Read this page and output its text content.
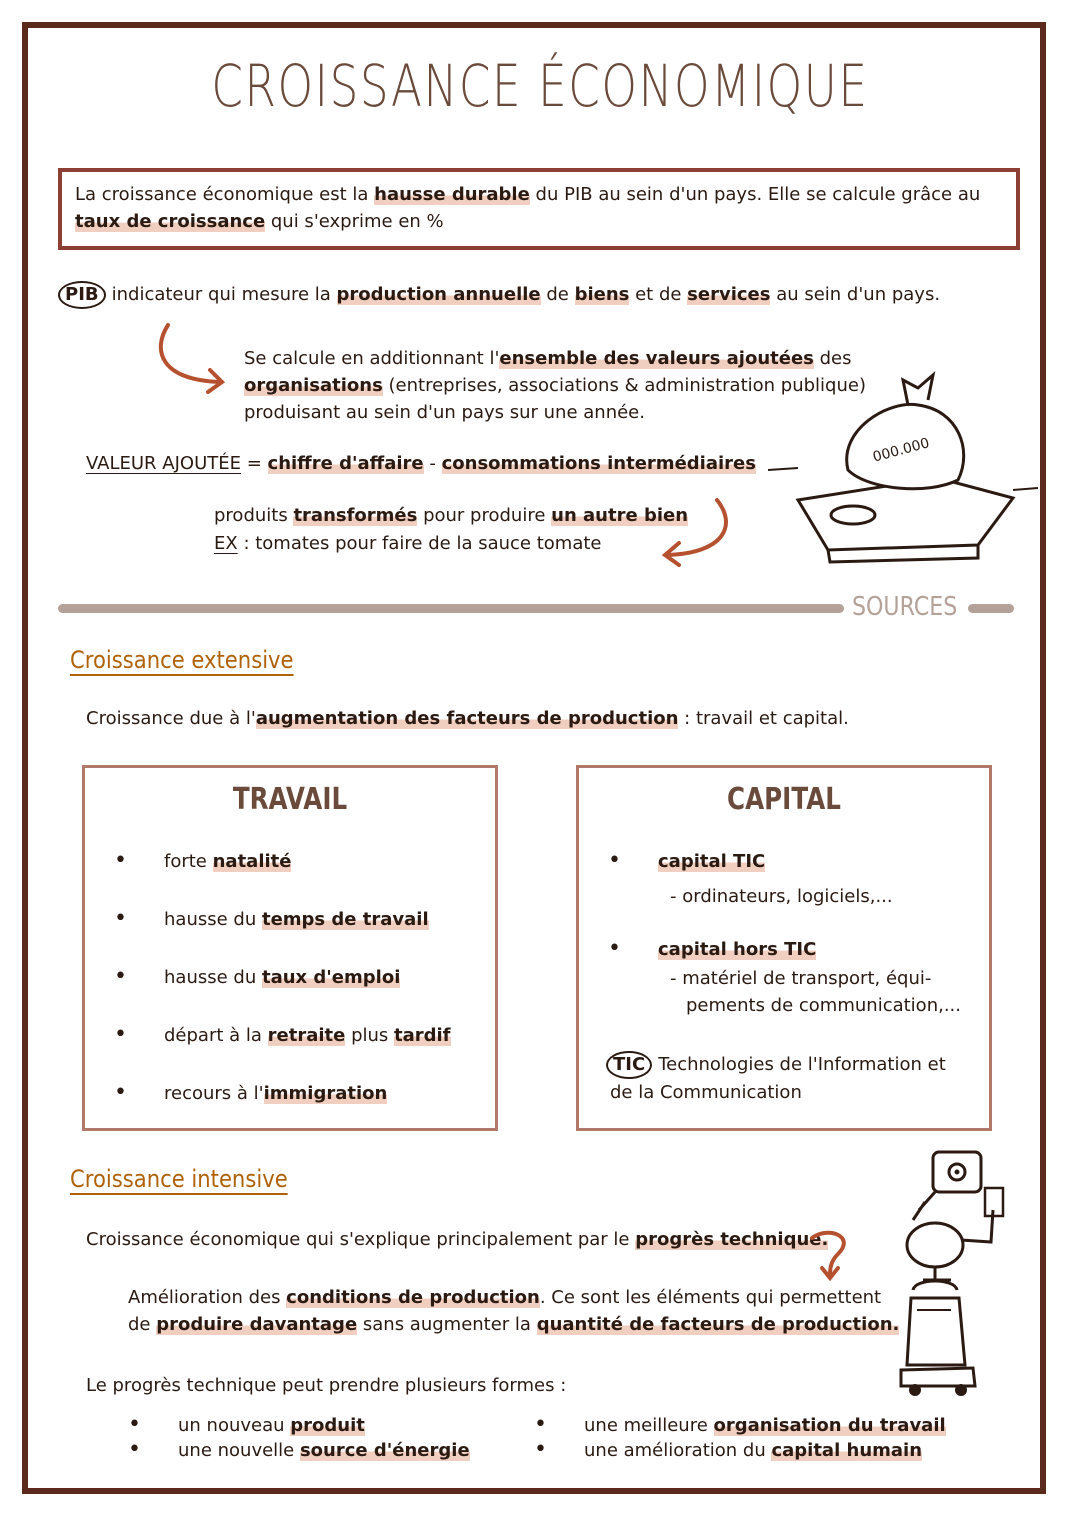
CROISSANCE ÉCONOMIQUE
La croissance économique est la hausse durable du PIB au sein d'un pays. Elle se calcule grâce au
taux de croissance qui s'exprime en %
PIB indicateur qui mesure la production annuelle de biens et de services au sein d'un pays.
Se calcule en additionnant l'ensemble des valeurs ajoutées des
organisations (entreprises, associations & administration publique)
produisant au sein d'un pays sur une année.
VALEUR AJOUTÉE = chiffre d'affaire - consommations intermédiaires
produits transformés pour produire un autre bien
EX : tomates pour faire de la sauce tomate
000.000
SOURCES
Croissance extensive
Croissance due à l'augmentation des facteurs de production : travail et capital.
TRAVAIL
• forte natalité
• hausse du temps de travail
• hausse du taux d'emploi
• départ à la retraite plus tardif
• recours à l'immigration
CAPITAL
• capital TIC
- ordinateurs, logiciels,...
• capital hors TIC
- matériel de transport, équi-
pements de communication,...
TIC Technologies de l'Information et
de la Communication
Croissance intensive
Croissance économique qui s'explique principalement par le progrès technique.
Amélioration des conditions de production. Ce sont les éléments qui permettent
de produire davantage sans augmenter la quantité de facteurs de production.
Le progrès technique peut prendre plusieurs formes :
• un nouveau produit
• une nouvelle source d'énergie
• une meilleure organisation du travail
• une amélioration du capital humain
